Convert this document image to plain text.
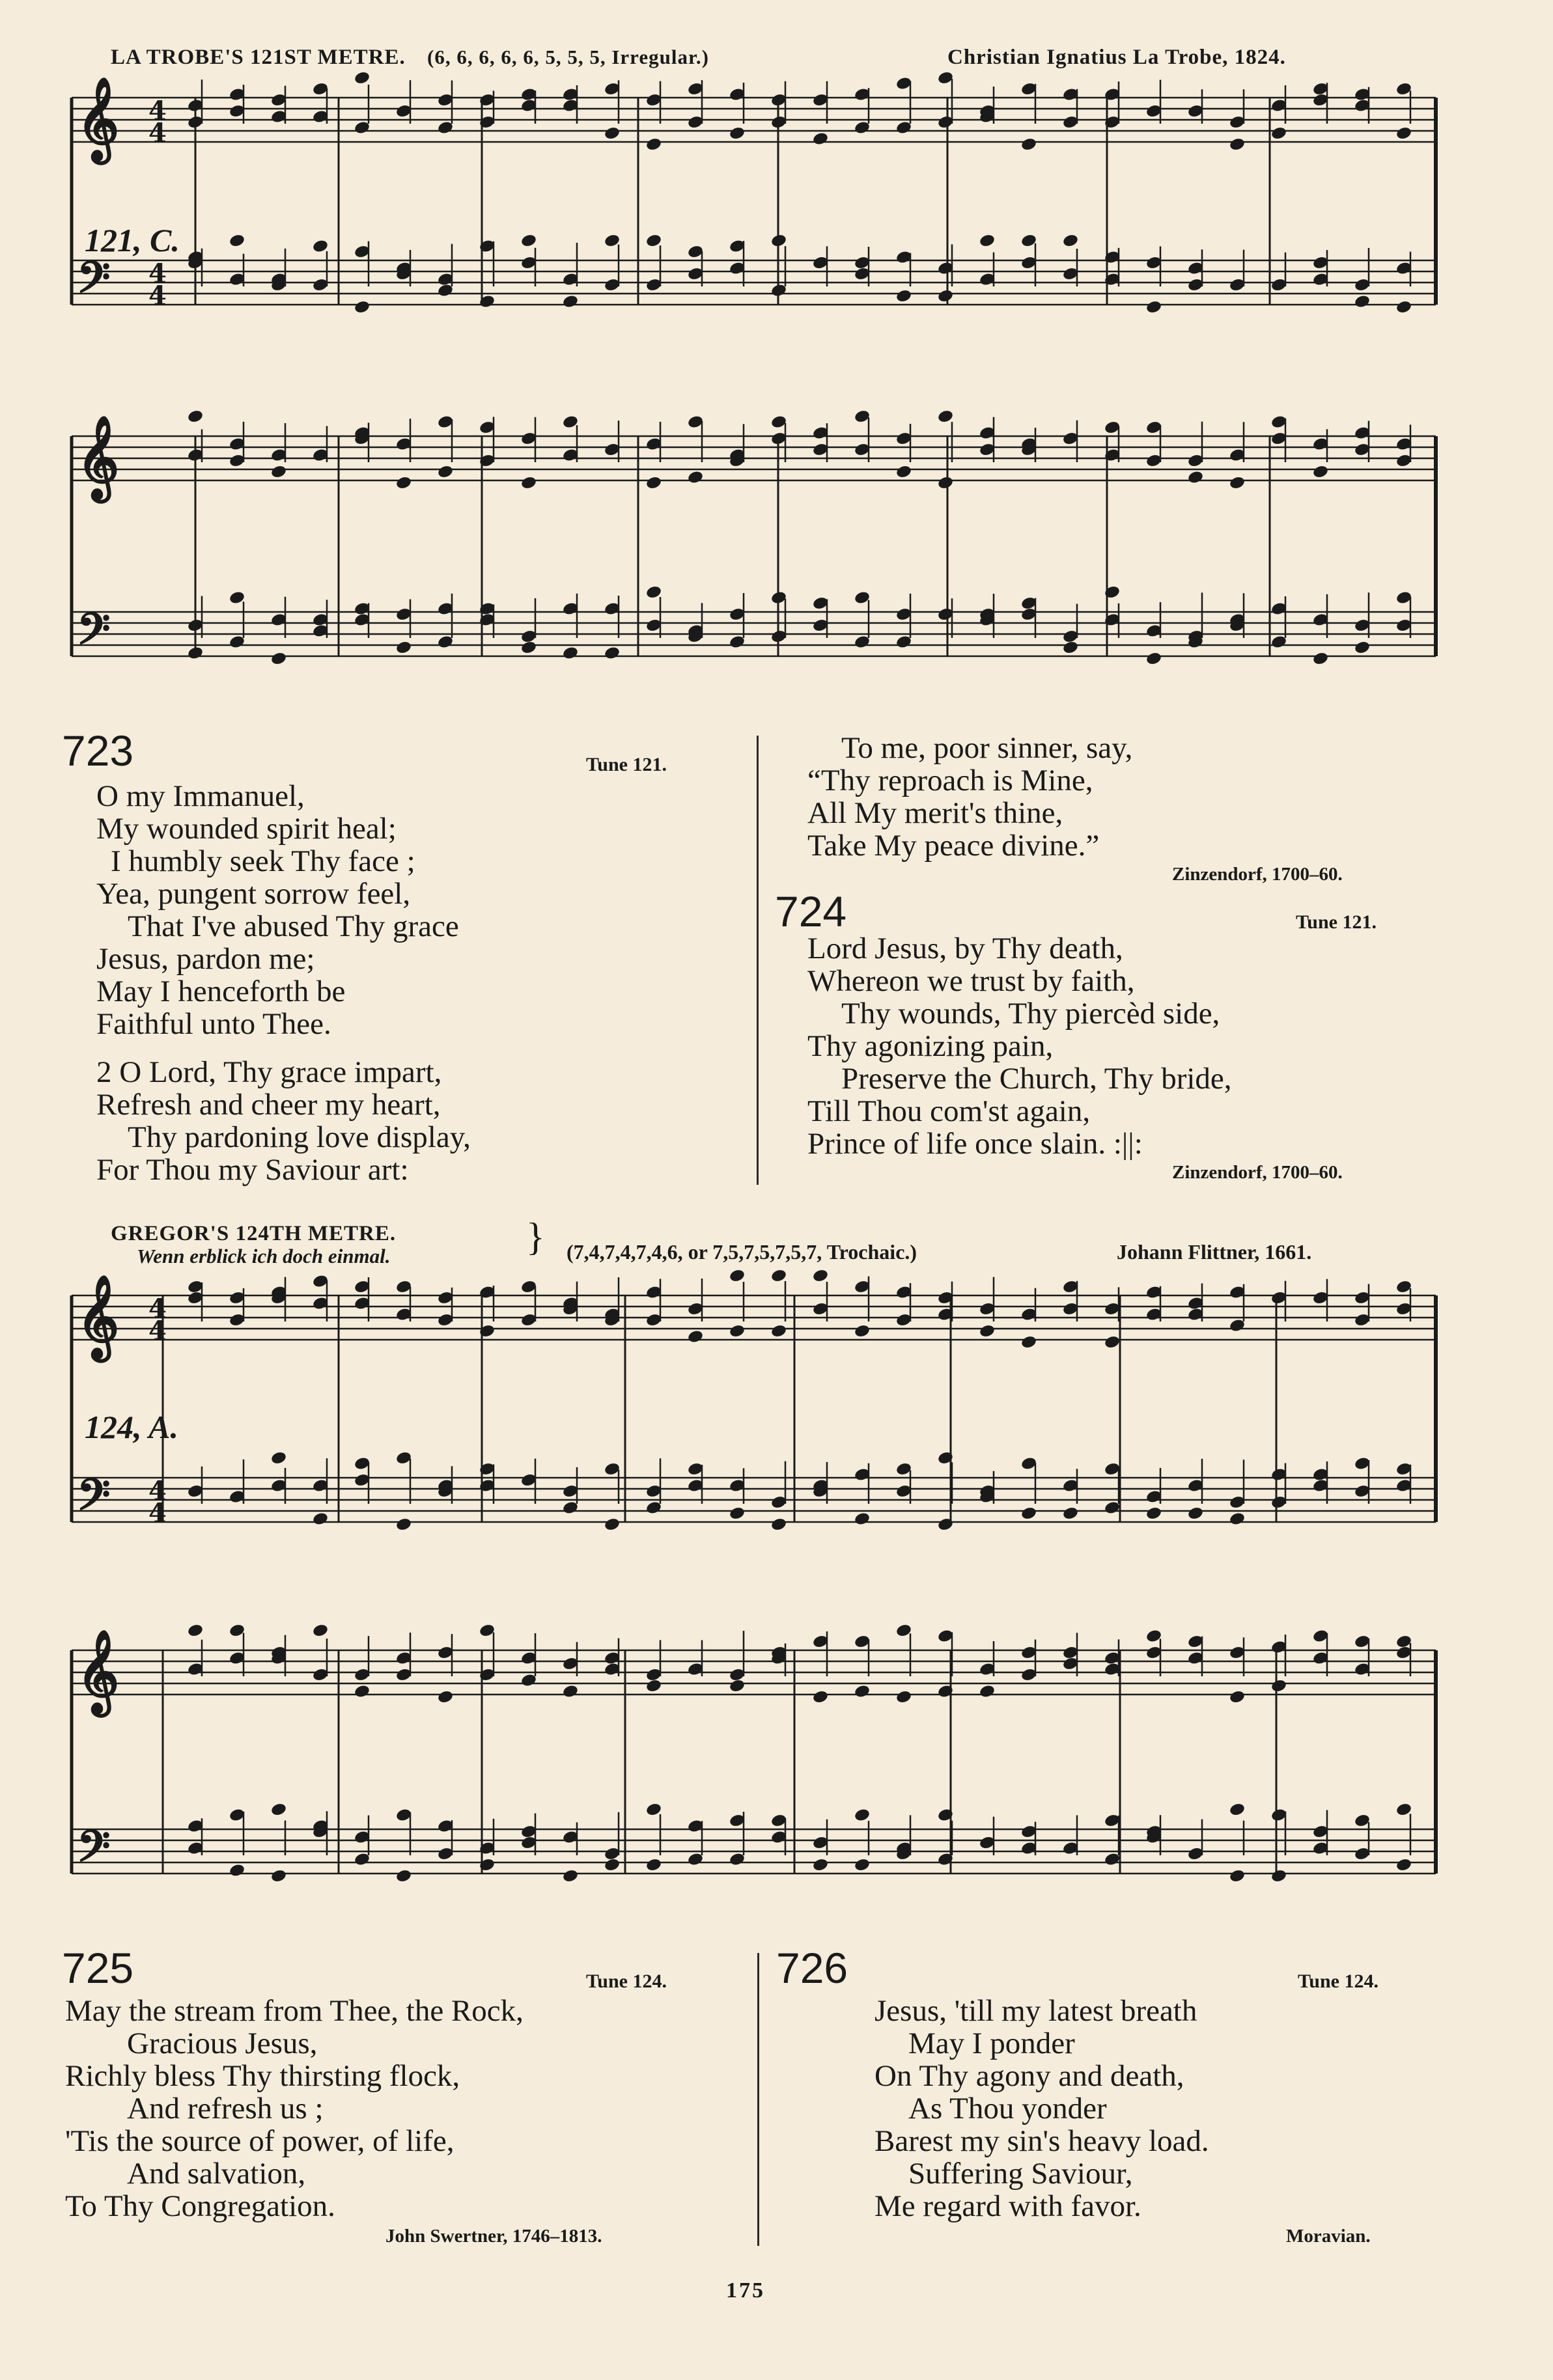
𝄞
𝄞
𝄞
𝄞
𝄢
𝄢
𝄢
𝄢
4
4
4
4
4
4
4
4
LA TROBE'S 121ST METRE. (6, 6, 6, 6, 6, 5, 5, 5, Irregular.)	Christian Ignatius La Trobe, 1824.
121, C.
723	Tune 121.
O my Immanuel,
My wounded spirit heal;
I humbly seek Thy face ;
Yea, pungent sorrow feel,
That I've abused Thy grace
Jesus, pardon me;
May I henceforth be
Faithful unto Thee.
2 O Lord, Thy grace impart,
Refresh and cheer my heart,
Thy pardoning love display,
For Thou my Saviour art:
To me, poor sinner, say,
“Thy reproach is Mine,
All My merit's thine,
Take My peace divine.”
Zinzendorf, 1700–60.
724	Tune 121.
Lord Jesus, by Thy death,
Whereon we trust by faith,
Thy wounds, Thy piercèd side,
Thy agonizing pain,
Preserve the Church, Thy bride,
Till Thou com'st again,
Prince of life once slain. :||:
Zinzendorf, 1700–60.
GREGOR'S 124TH METRE.
Wenn erblick ich doch einmal.	} (7,4,7,4,7,4,6, or 7,5,7,5,7,5,7, Trochaic.)	Johann Flittner, 1661.
124, A.
725	Tune 124.
May the stream from Thee, the Rock,
Gracious Jesus,
Richly bless Thy thirsting flock,
And refresh us ;
'Tis the source of power, of life,
And salvation,
To Thy Congregation.
John Swertner, 1746–1813.
726	Tune 124.
Jesus, 'till my latest breath
May I ponder
On Thy agony and death,
As Thou yonder
Barest my sin's heavy load.
Suffering Saviour,
Me regard with favor.
Moravian.
175
